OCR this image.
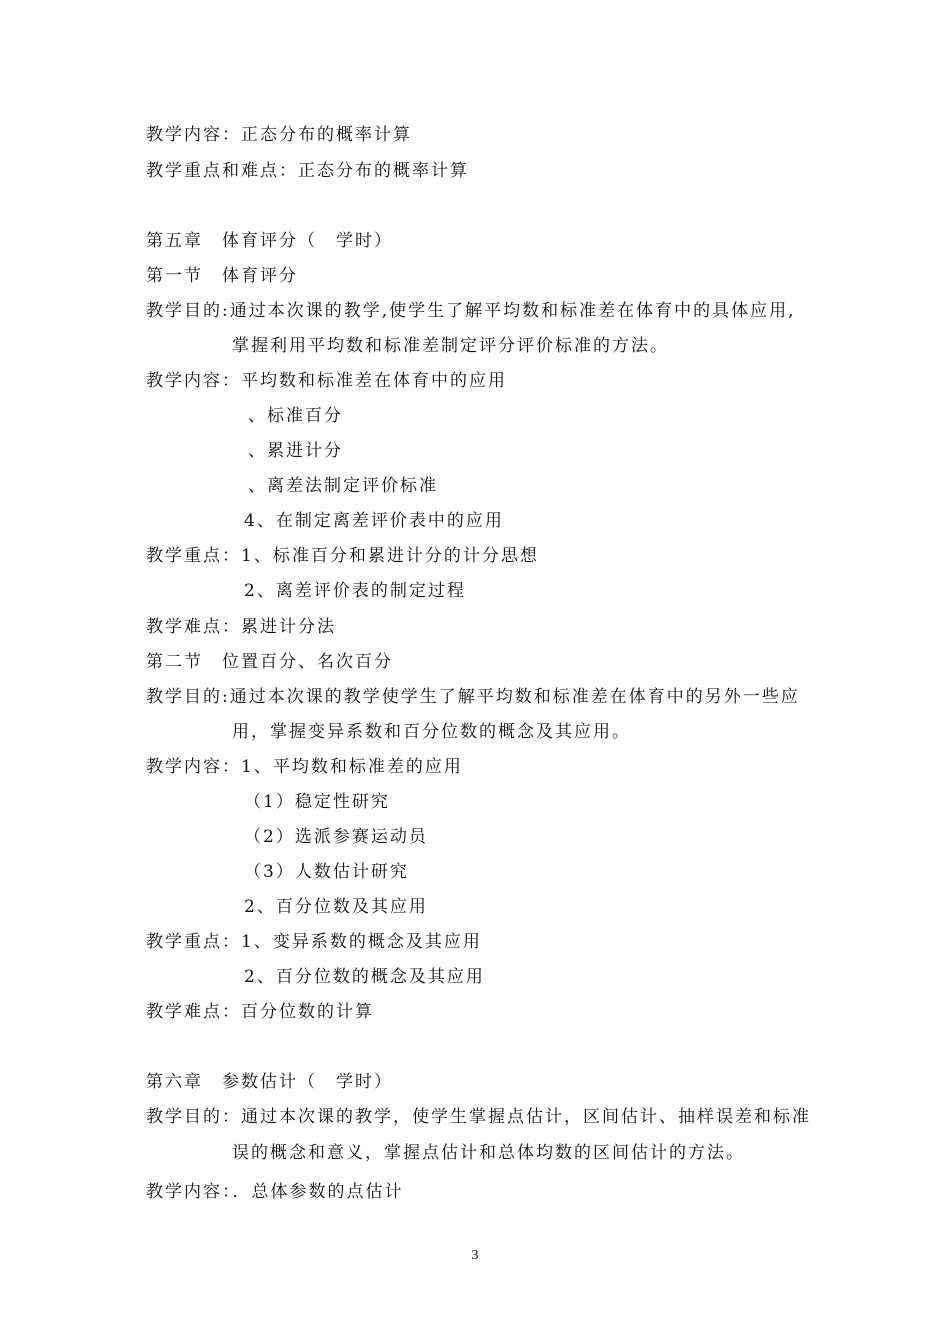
教学内容：正态分布的概率计算
教学重点和难点：正态分布的概率计算
第五章　体育评分（　学时）
第一节　体育评分
教学目的:通过本次课的教学,使学生了解平均数和标准差在体育中的具体应用,
掌握利用平均数和标准差制定评分评价标准的方法。
教学内容：平均数和标准差在体育中的应用
、标准百分
、累进计分
、离差法制定评价标准
4、在制定离差评价表中的应用
教学重点：1、标准百分和累进计分的计分思想
2、离差评价表的制定过程
教学难点：累进计分法
第二节　位置百分、名次百分
教学目的:通过本次课的教学使学生了解平均数和标准差在体育中的另外一些应
用，掌握变异系数和百分位数的概念及其应用。
教学内容：1、平均数和标准差的应用
（1）稳定性研究
（2）选派参赛运动员
（3）人数估计研究
2、百分位数及其应用
教学重点：1、变异系数的概念及其应用
2、百分位数的概念及其应用
教学难点：百分位数的计算
第六章　参数估计（　学时）
教学目的：通过本次课的教学，使学生掌握点估计，区间估计、抽样误差和标准
误的概念和意义，掌握点估计和总体均数的区间估计的方法。
教学内容：．总体参数的点估计
3
